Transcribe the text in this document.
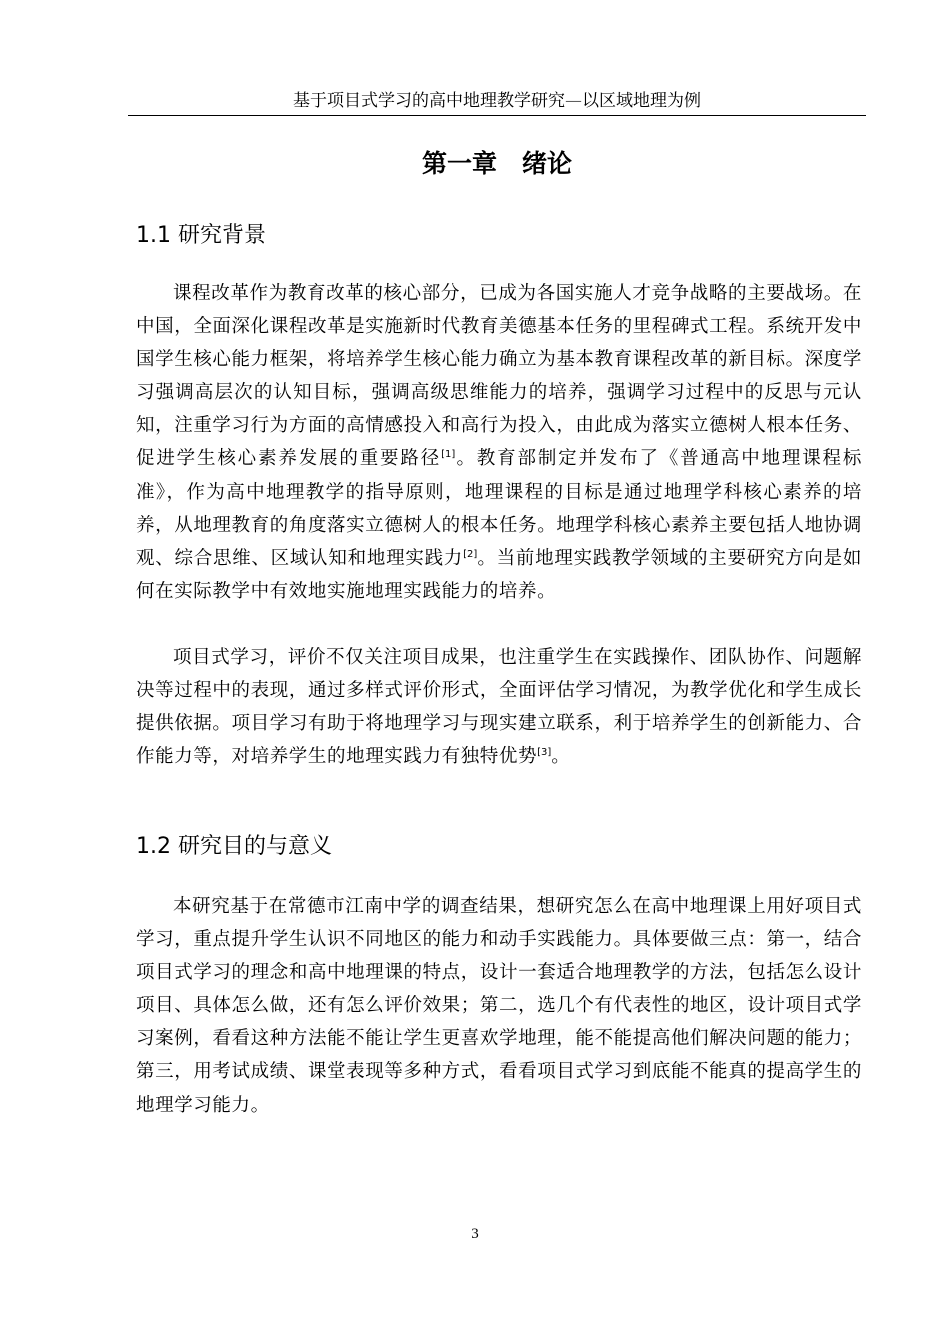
基于项目式学习的高中地理教学研究—以区域地理为例
第一章　绪论
1.1 研究背景

课程改革作为教育改革的核心部分，已成为各国实施人才竞争战略的主要战场。在中国，全面深化课程改革是实施新时代教育美德基本任务的里程碑式工程。系统开发中国学生核心能力框架，将培养学生核心能力确立为基本教育课程改革的新目标。深度学习强调高层次的认知目标，强调高级思维能力的培养，强调学习过程中的反思与元认知，注重学习行为方面的高情感投入和高行为投入，由此成为落实立德树人根本任务、促进学生核心素养发展的重要路径[1]。教育部制定并发布了《普通高中地理课程标准》，作为高中地理教学的指导原则，地理课程的目标是通过地理学科核心素养的培养，从地理教育的角度落实立德树人的根本任务。地理学科核心素养主要包括人地协调观、综合思维、区域认知和地理实践力[2]。当前地理实践教学领域的主要研究方向是如何在实际教学中有效地实施地理实践能力的培养。

项目式学习，评价不仅关注项目成果，也注重学生在实践操作、团队协作、问题解决等过程中的表现，通过多样式评价形式，全面评估学习情况，为教学优化和学生成长提供依据。项目学习有助于将地理学习与现实建立联系，利于培养学生的创新能力、合作能力等，对培养学生的地理实践力有独特优势[3]。

1.2 研究目的与意义

本研究基于在常德市江南中学的调查结果，想研究怎么在高中地理课上用好项目式学习，重点提升学生认识不同地区的能力和动手实践能力。具体要做三点：第一，结合项目式学习的理念和高中地理课的特点，设计一套适合地理教学的方法，包括怎么设计项目、具体怎么做，还有怎么评价效果；第二，选几个有代表性的地区，设计项目式学习案例，看看这种方法能不能让学生更喜欢学地理，能不能提高他们解决问题的能力；第三，用考试成绩、课堂表现等多种方式，看看项目式学习到底能不能真的提高学生的地理学习能力。

3
